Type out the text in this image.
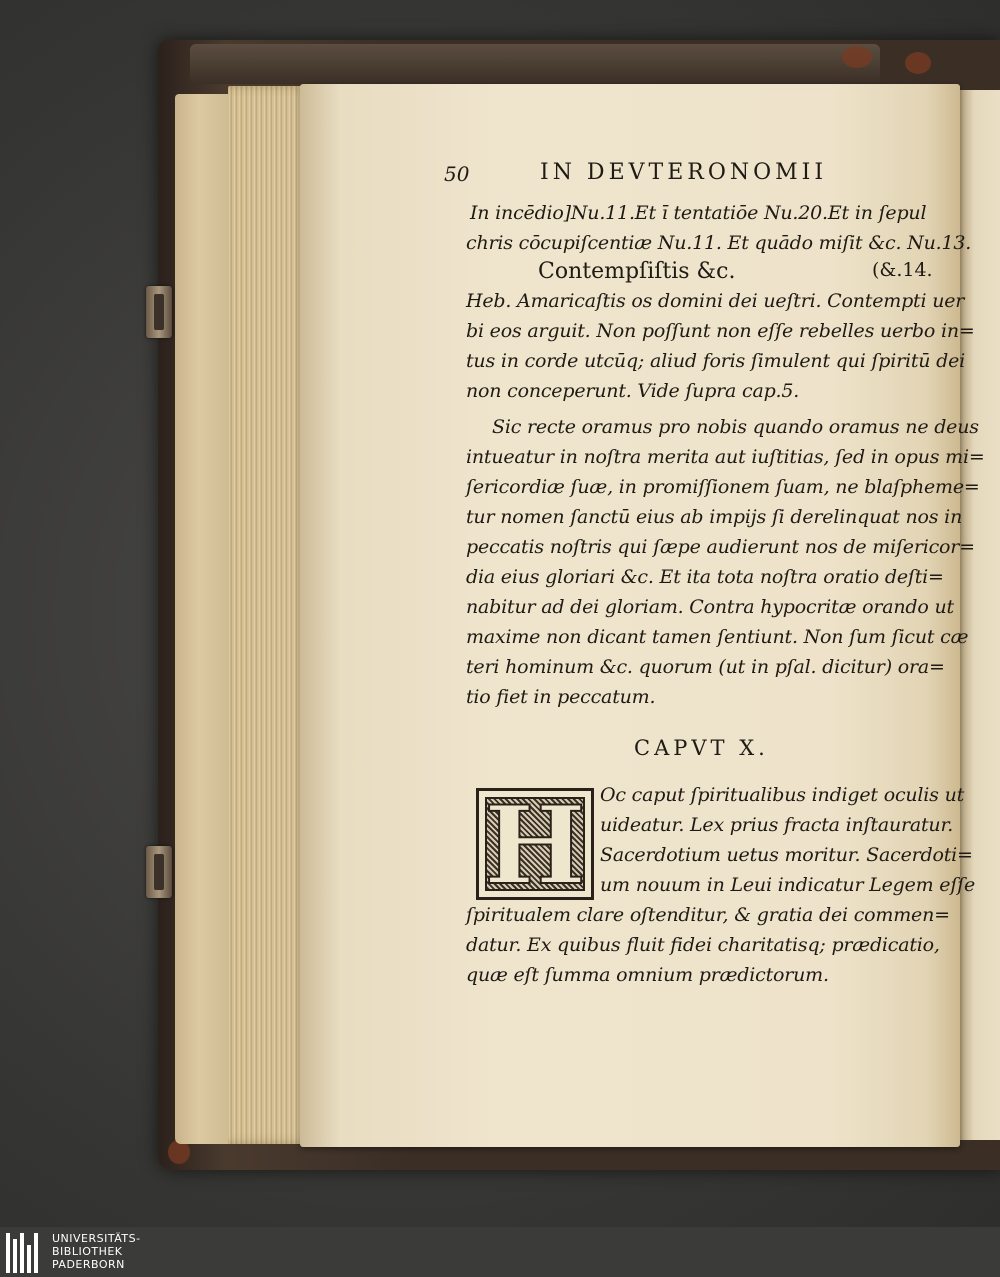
50	IN DEVTERONOMII
In incēdio]Nu.11.Et ī tentatiōe Nu.20.Et in ſepul
chris cōcupiſcentiæ Nu.11. Et quādo miſit &c. Nu.13.
Contempſiſtis &c.	(&.14.
Heb. Amaricaſtis os domini dei ueſtri. Contempti uer
bi eos arguit. Non poſſunt non eſſe rebelles uerbo in=
tus in corde utcūq; aliud foris ſimulent qui ſpiritū dei
non conceperunt. Vide ſupra cap.5.
Sic recte oramus pro nobis quando oramus ne deus
intueatur in noſtra merita aut iuſtitias, ſed in opus mi=
ſericordiæ ſuæ, in promiſſionem ſuam, ne blaſpheme=
tur nomen ſanctū eius ab impijs ſi derelinquat nos in
peccatis noſtris qui ſæpe audierunt nos de miſericor=
dia eius gloriari &c. Et ita tota noſtra oratio deſti=
nabitur ad dei gloriam. Contra hypocritæ orando ut
maxime non dicant tamen ſentiunt. Non ſum ſicut cæ
teri hominum &c. quorum (ut in pſal. dicitur) ora=
tio fiet in peccatum.
CAPVT X.
H Oc caput ſpiritualibus indiget oculis ut
uideatur. Lex prius fracta inſtauratur.
Sacerdotium uetus moritur. Sacerdoti=
um nouum in Leui indicatur Legem eſſe
ſpiritualem clare oſtenditur, & gratia dei commen=
datur. Ex quibus fluit fidei charitatisq; prædicatio,
quæ eſt ſumma omnium prædictorum.
UNIVERSITÄTS-
BIBLIOTHEK
PADERBORN
